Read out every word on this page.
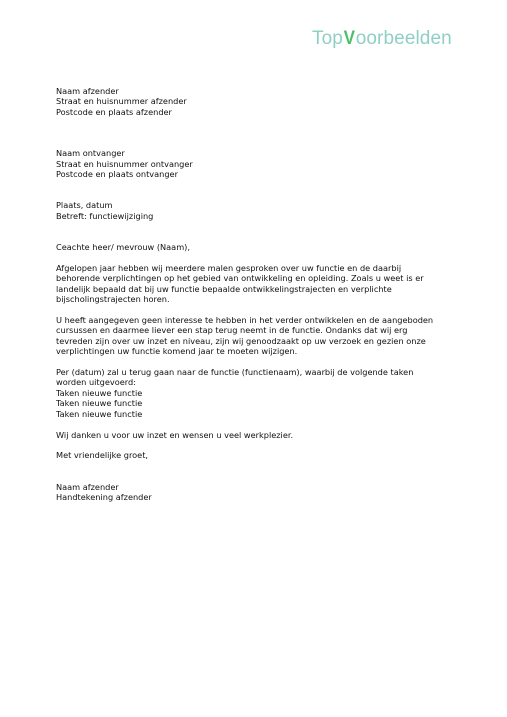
TopVoorbeelden
Naam afzender
Straat en huisnummer afzender
Postcode en plaats afzender
Naam ontvanger
Straat en huisnummer ontvanger
Postcode en plaats ontvanger
Plaats, datum
Betreft: functiewijziging
Ceachte heer/ mevrouw (Naam),
Afgelopen jaar hebben wij meerdere malen gesproken over uw functie en de daarbij
behorende verplichtingen op het gebied van ontwikkeling en opleiding. Zoals u weet is er
landelijk bepaald dat bij uw functie bepaalde ontwikkelingstrajecten en verplichte
bijscholingstrajecten horen.
U heeft aangegeven geen interesse te hebben in het verder ontwikkelen en de aangeboden
cursussen en daarmee liever een stap terug neemt in de functie. Ondanks dat wij erg
tevreden zijn over uw inzet en niveau, zijn wij genoodzaakt op uw verzoek en gezien onze
verplichtingen uw functie komend jaar te moeten wijzigen.
Per (datum) zal u terug gaan naar de functie (functienaam), waarbij de volgende taken
worden uitgevoerd:
Taken nieuwe functie
Taken nieuwe functie
Taken nieuwe functie
Wij danken u voor uw inzet en wensen u veel werkplezier.
Met vriendelijke groet,
Naam afzender
Handtekening afzender
